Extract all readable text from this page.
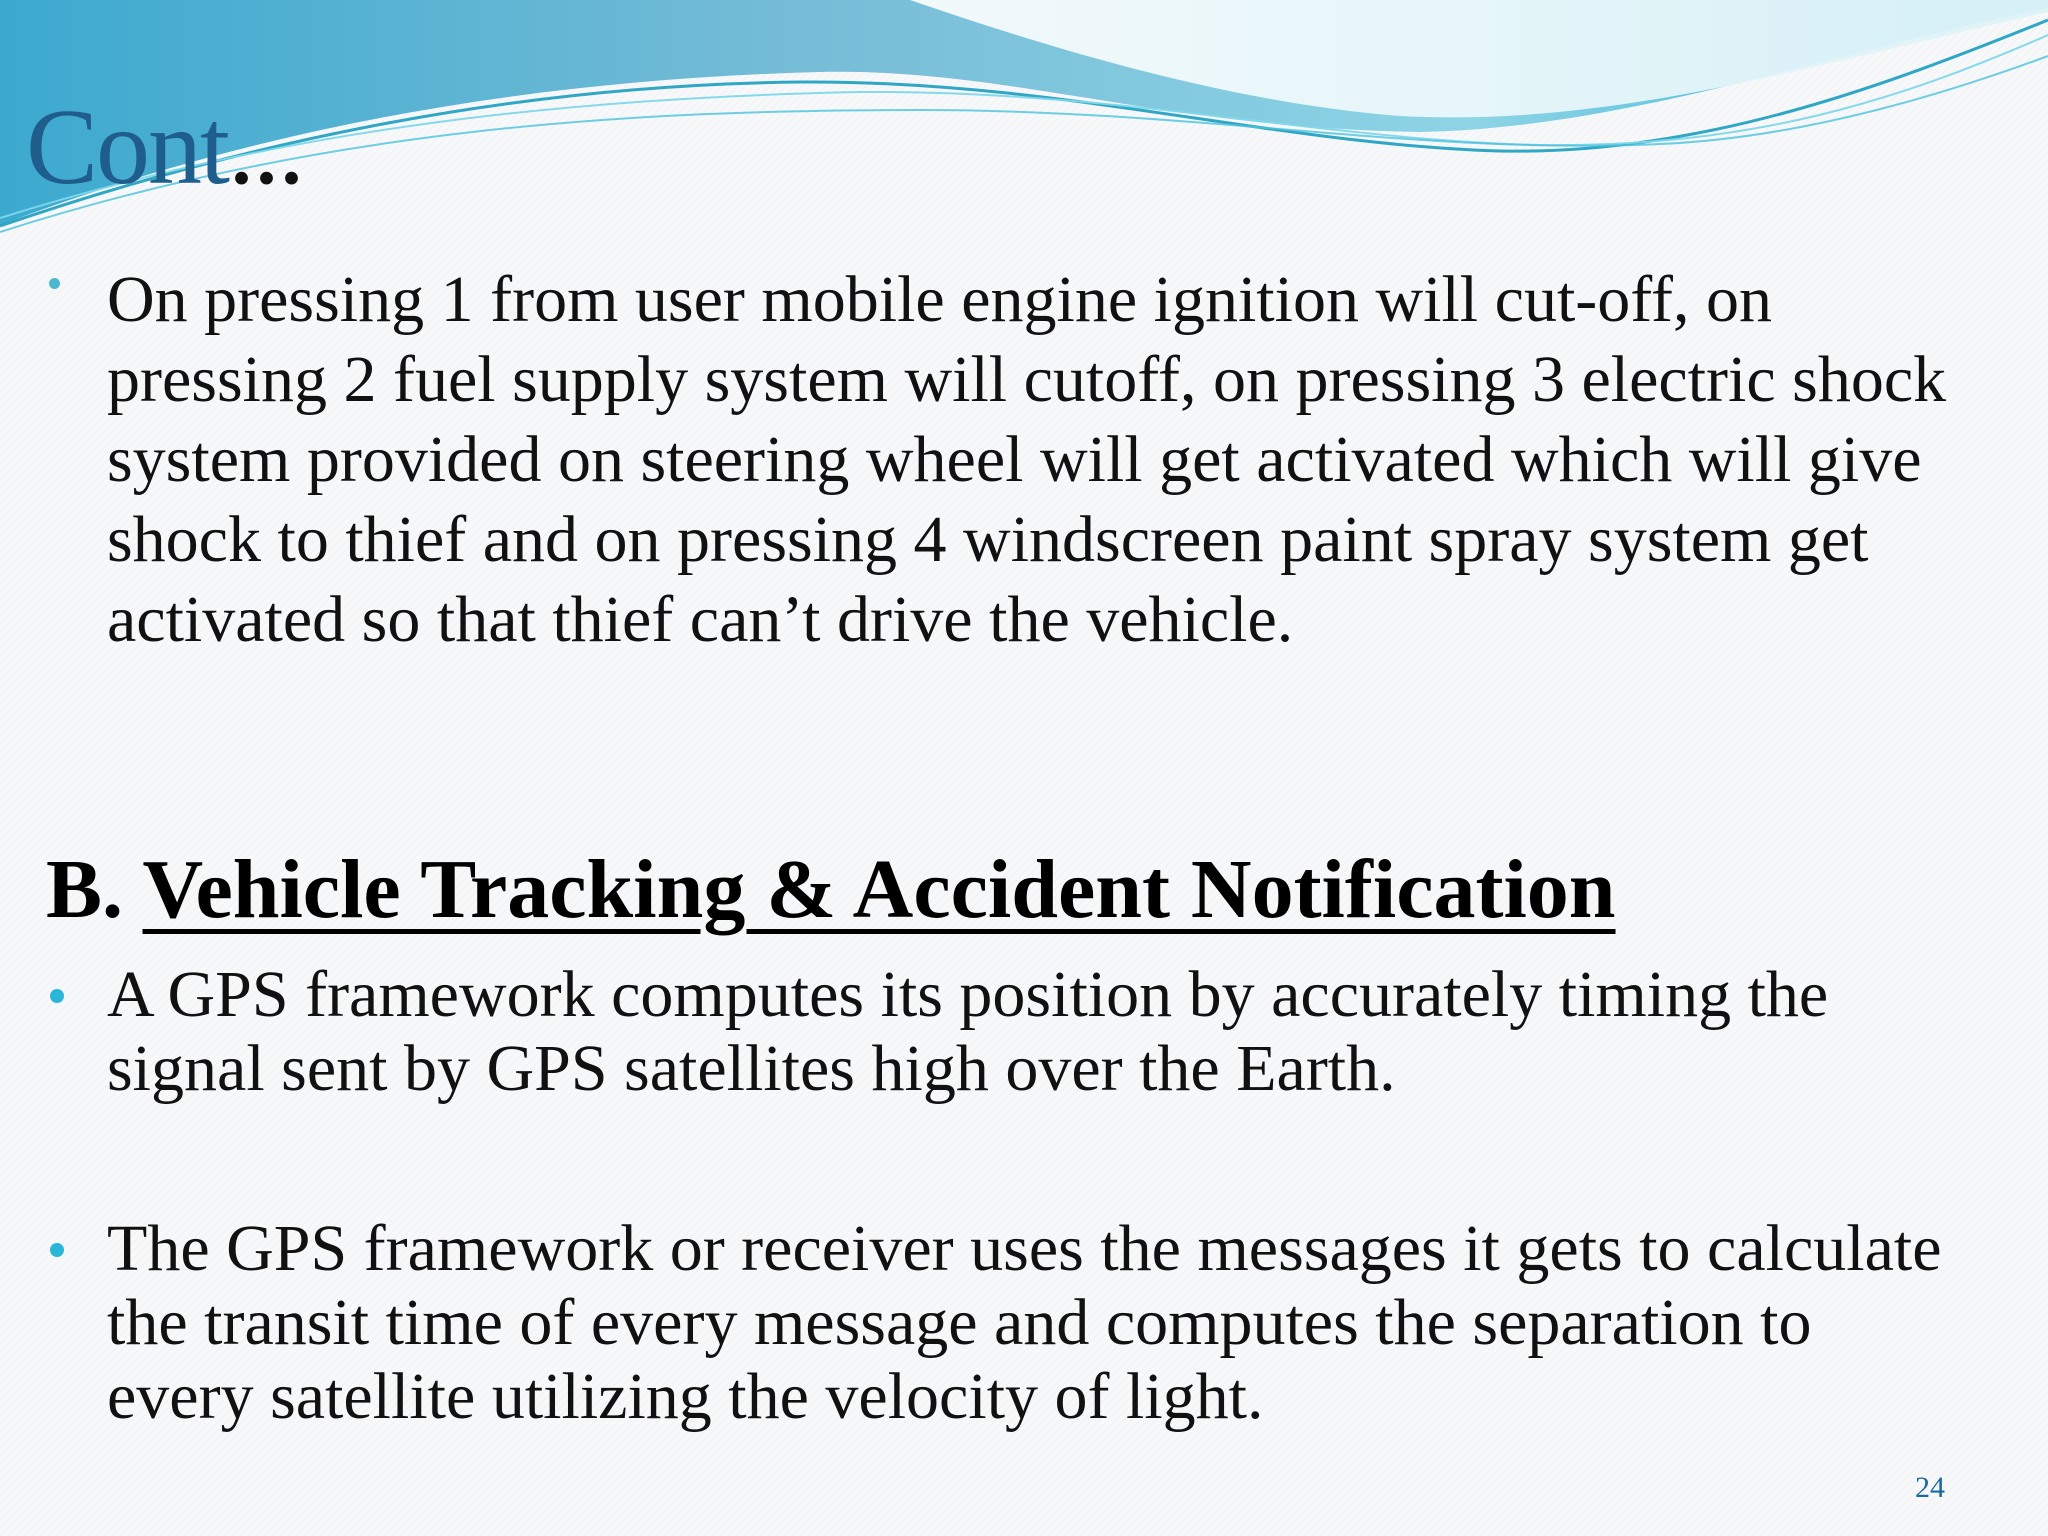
Cont...
On pressing 1 from user mobile engine ignition will cut-off, on pressing 2 fuel supply system will cutoff, on pressing 3 electric shock system provided on steering wheel will get activated which will give shock to thief and on pressing 4 windscreen paint spray system get activated so that thief can’t drive the vehicle.
B. Vehicle Tracking & Accident Notification
A GPS framework computes its position by accurately timing the signal sent by GPS satellites high over the Earth.
The GPS framework or receiver uses the messages it gets to calculate the transit time of every message and computes the separation to every satellite utilizing the velocity of light.
24
